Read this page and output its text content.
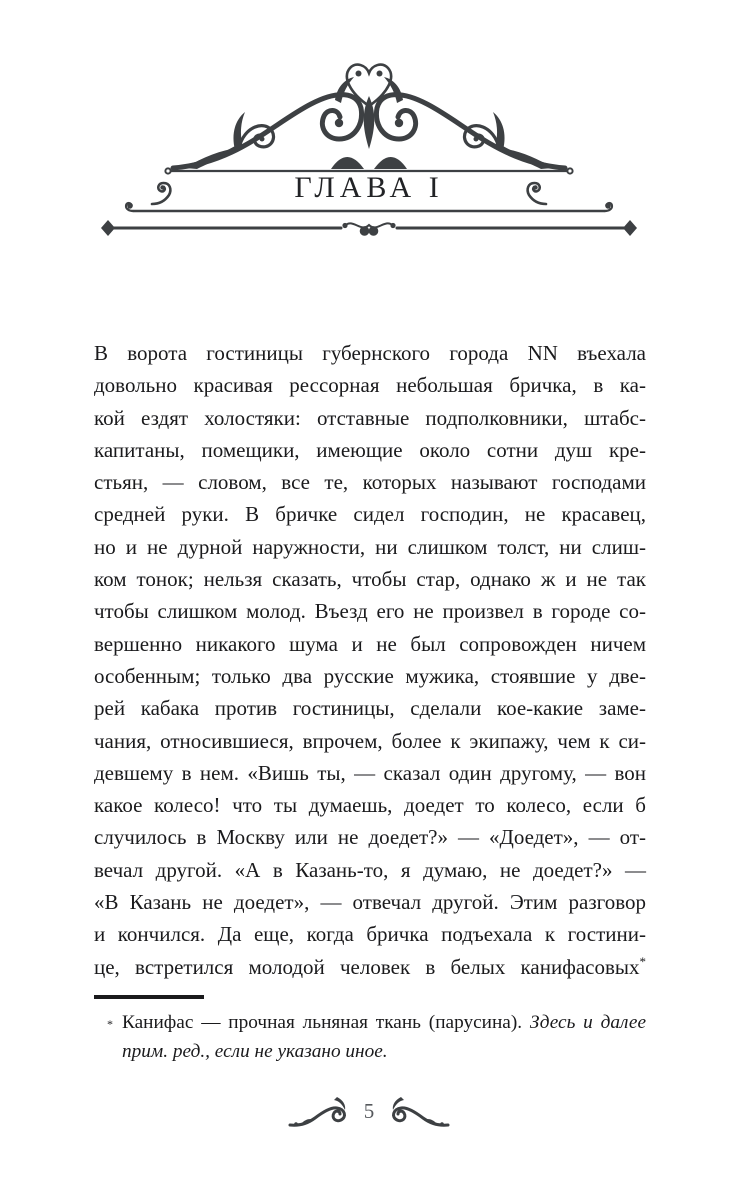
ГЛАВА I
В ворота гостиницы губернского города NN въехала
довольно красивая рессорная небольшая бричка, в ка-
кой ездят холостяки: отставные подполковники, штабс-
капитаны, помещики, имеющие около сотни душ кре-
стьян, — словом, все те, которых называют господами
средней руки. В бричке сидел господин, не красавец,
но и не дурной наружности, ни слишком толст, ни слиш-
ком тонок; нельзя сказать, чтобы стар, однако ж и не так
чтобы слишком молод. Въезд его не произвел в городе со-
вершенно никакого шума и не был сопровожден ничем
особенным; только два русские мужика, стоявшие у две-
рей кабака против гостиницы, сделали кое-какие заме-
чания, относившиеся, впрочем, более к экипажу, чем к си-
девшему в нем. «Вишь ты, — сказал один другому, — вон
какое колесо! что ты думаешь, доедет то колесо, если б
случилось в Москву или не доедет?» — «Доедет», — от-
вечал другой. «А в Казань-то, я думаю, не доедет?» —
«В Казань не доедет», — отвечал другой. Этим разговор
и кончился. Да еще, когда бричка подъехала к гостини-
це, встретился молодой человек в белых канифасовых*
* Канифас — прочная льняная ткань (парусина). Здесь и далее
прим. ред., если не указано иное.
5
